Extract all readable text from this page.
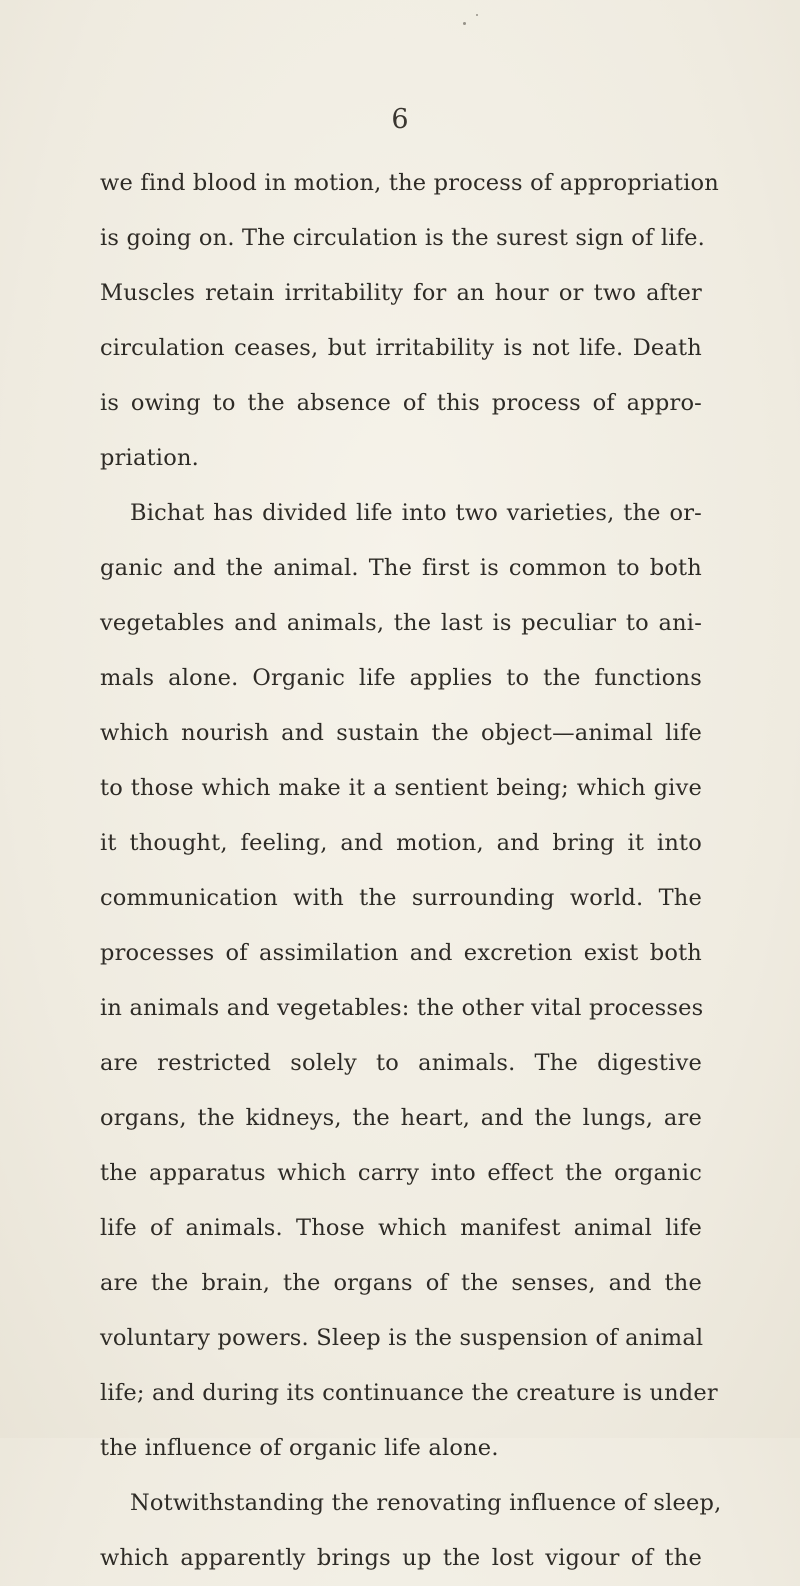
6
we find blood in motion, the process of appropriation
is going on. The circulation is the surest sign of life.
Muscles retain irritability for an hour or two after
circulation ceases, but irritability is not life. Death
is owing to the absence of this process of appro-
priation.
Bichat has divided life into two varieties, the or-
ganic and the animal. The first is common to both
vegetables and animals, the last is peculiar to ani-
mals alone. Organic life applies to the functions
which nourish and sustain the object—animal life
to those which make it a sentient being; which give
it thought, feeling, and motion, and bring it into
communication with the surrounding world. The
processes of assimilation and excretion exist both
in animals and vegetables: the other vital processes
are restricted solely to animals. The digestive
organs, the kidneys, the heart, and the lungs, are
the apparatus which carry into effect the organic
life of animals. Those which manifest animal life
are the brain, the organs of the senses, and the
voluntary powers. Sleep is the suspension of animal
life; and during its continuance the creature is under
the influence of organic life alone.
Notwithstanding the renovating influence of sleep,
which apparently brings up the lost vigour of the
